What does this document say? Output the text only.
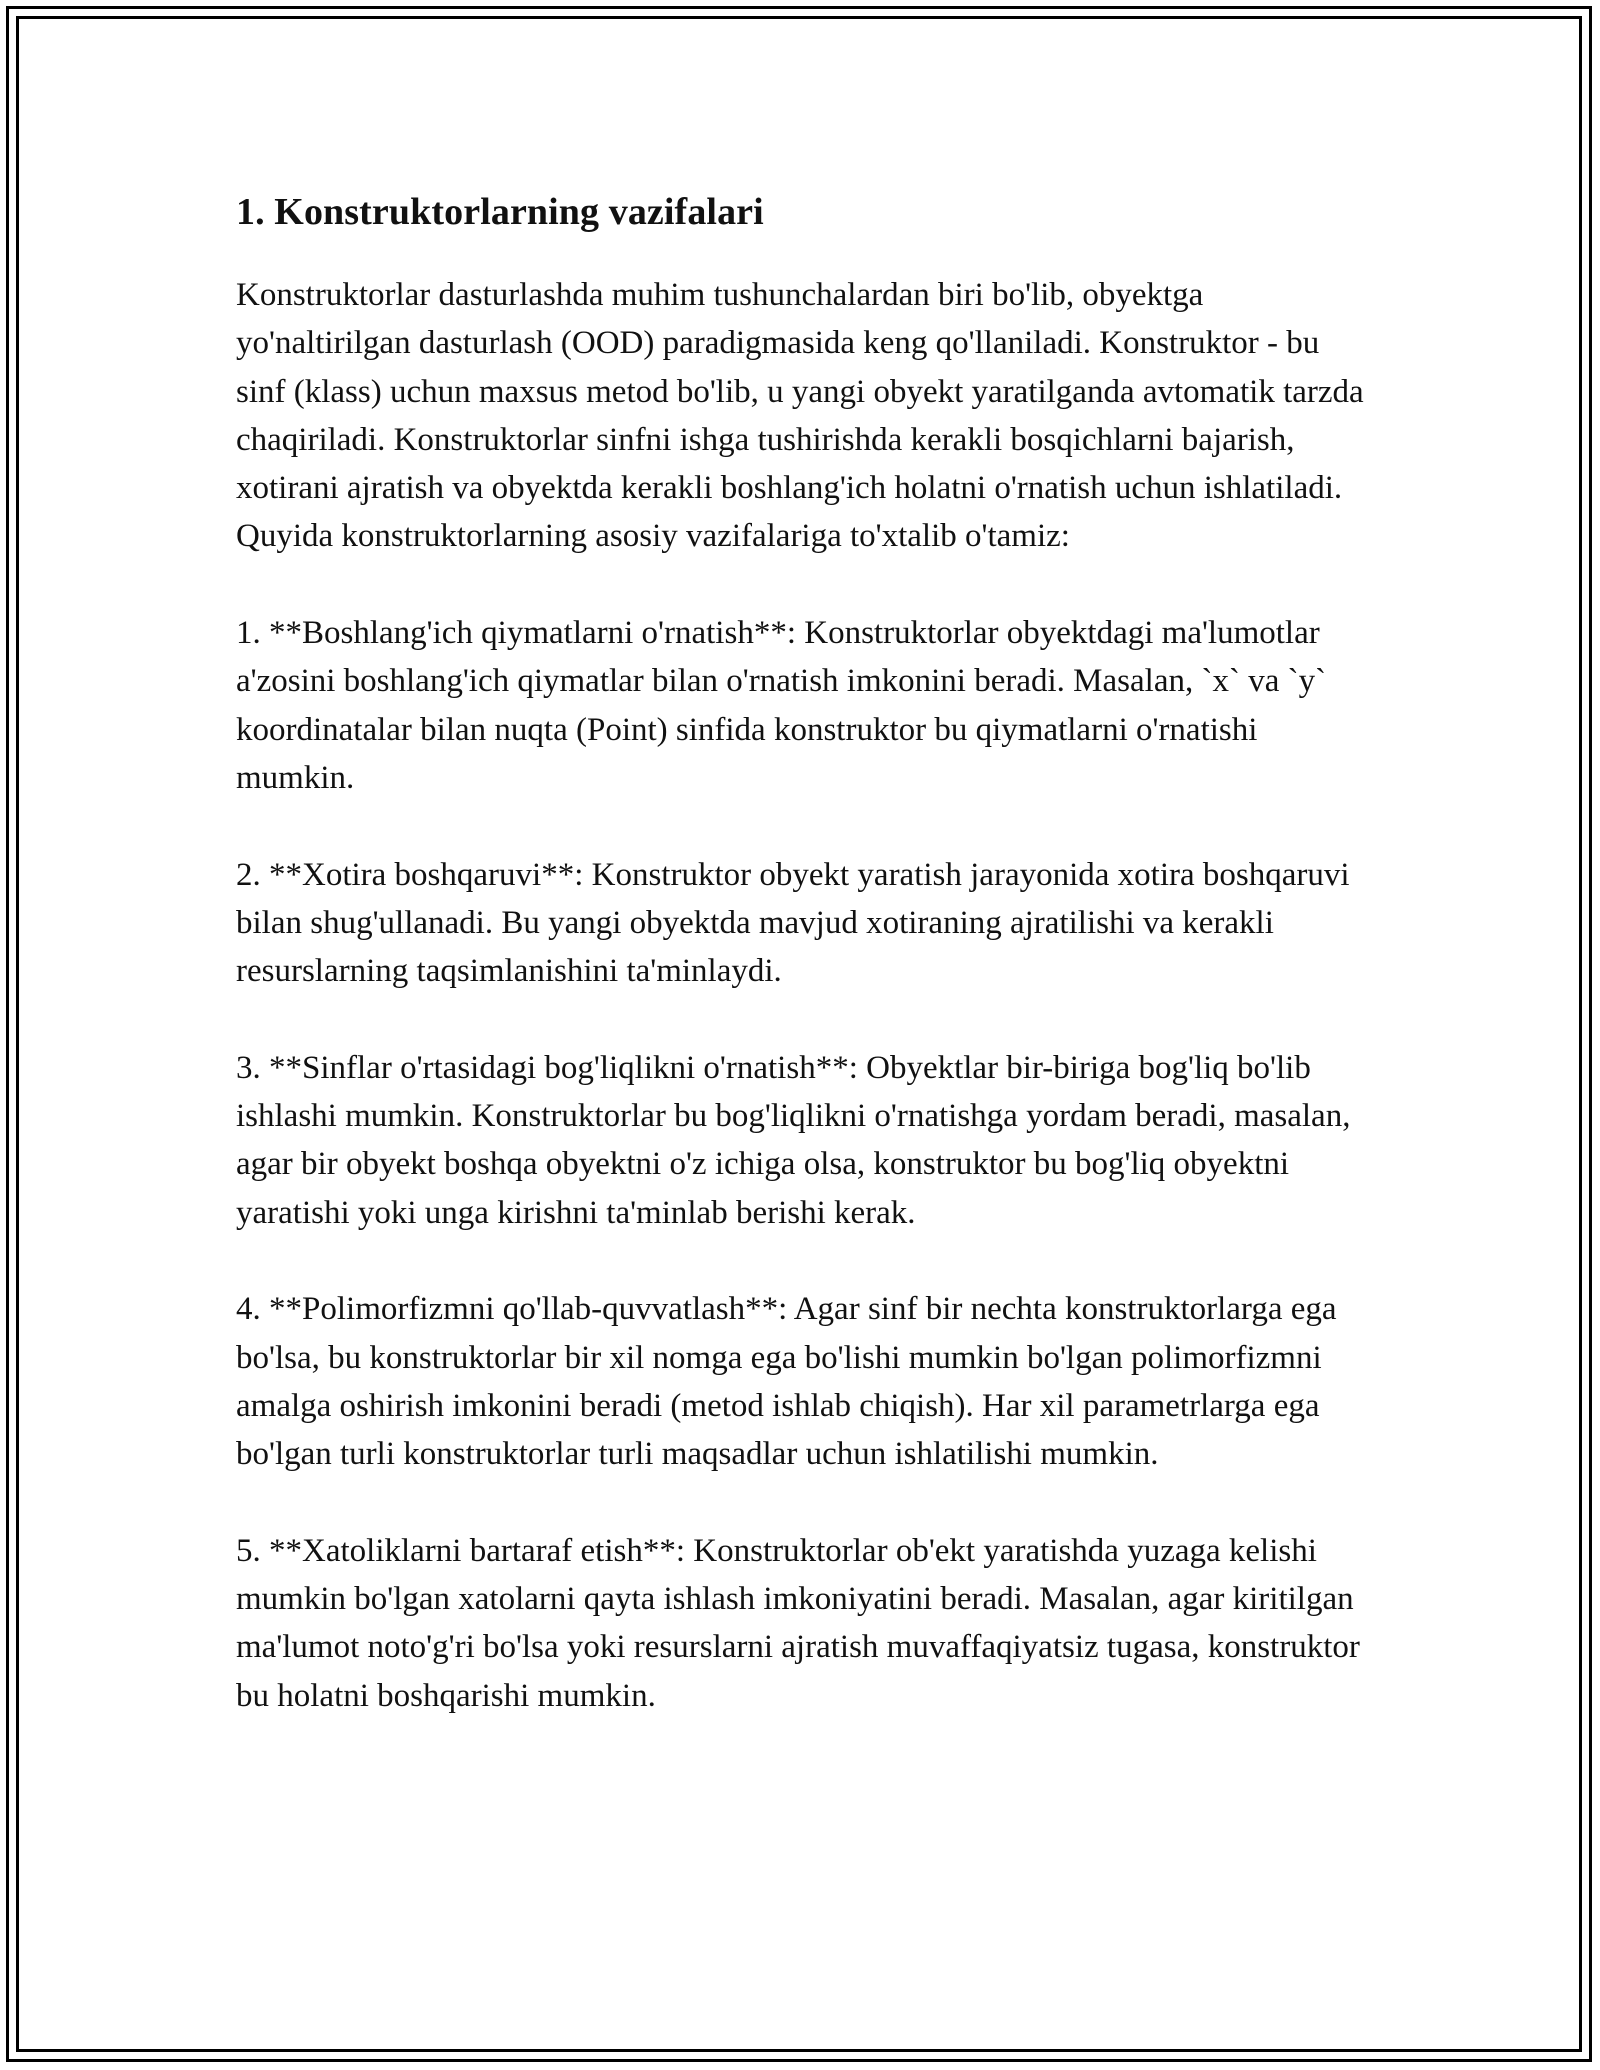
1. Konstruktorlarning vazifalari

Konstruktorlar dasturlashda muhim tushunchalardan biri bo'lib, obyektga yo'naltirilgan dasturlash (OOD) paradigmasida keng qo'llaniladi. Konstruktor - bu sinf (klass) uchun maxsus metod bo'lib, u yangi obyekt yaratilganda avtomatik tarzda chaqiriladi. Konstruktorlar sinfni ishga tushirishda kerakli bosqichlarni bajarish, xotirani ajratish va obyektda kerakli boshlang'ich holatni o'rnatish uchun ishlatiladi. Quyida konstruktorlarning asosiy vazifalariga to'xtalib o'tamiz:

1. **Boshlang'ich qiymatlarni o'rnatish**: Konstruktorlar obyektdagi ma'lumotlar a'zosini boshlang'ich qiymatlar bilan o'rnatish imkonini beradi. Masalan, `x` va `y` koordinatalar bilan nuqta (Point) sinfida konstruktor bu qiymatlarni o'rnatishi mumkin.

2. **Xotira boshqaruvi**: Konstruktor obyekt yaratish jarayonida xotira boshqaruvi bilan shug'ullanadi. Bu yangi obyektda mavjud xotiraning ajratilishi va kerakli resurslarning taqsimlanishini ta'minlaydi.

3. **Sinflar o'rtasidagi bog'liqlikni o'rnatish**: Obyektlar bir-biriga bog'liq bo'lib ishlashi mumkin. Konstruktorlar bu bog'liqlikni o'rnatishga yordam beradi, masalan, agar bir obyekt boshqa obyektni o'z ichiga olsa, konstruktor bu bog'liq obyektni yaratishi yoki unga kirishni ta'minlab berishi kerak.

4. **Polimorfizmni qo'llab-quvvatlash**: Agar sinf bir nechta konstruktorlarga ega bo'lsa, bu konstruktorlar bir xil nomga ega bo'lishi mumkin bo'lgan polimorfizmni amalga oshirish imkonini beradi (metod ishlab chiqish). Har xil parametrlarga ega bo'lgan turli konstruktorlar turli maqsadlar uchun ishlatilishi mumkin.

5. **Xatoliklarni bartaraf etish**: Konstruktorlar ob'ekt yaratishda yuzaga kelishi mumkin bo'lgan xatolarni qayta ishlash imkoniyatini beradi. Masalan, agar kiritilgan ma'lumot noto'g'ri bo'lsa yoki resurslarni ajratish muvaffaqiyatsiz tugasa, konstruktor bu holatni boshqarishi mumkin.
